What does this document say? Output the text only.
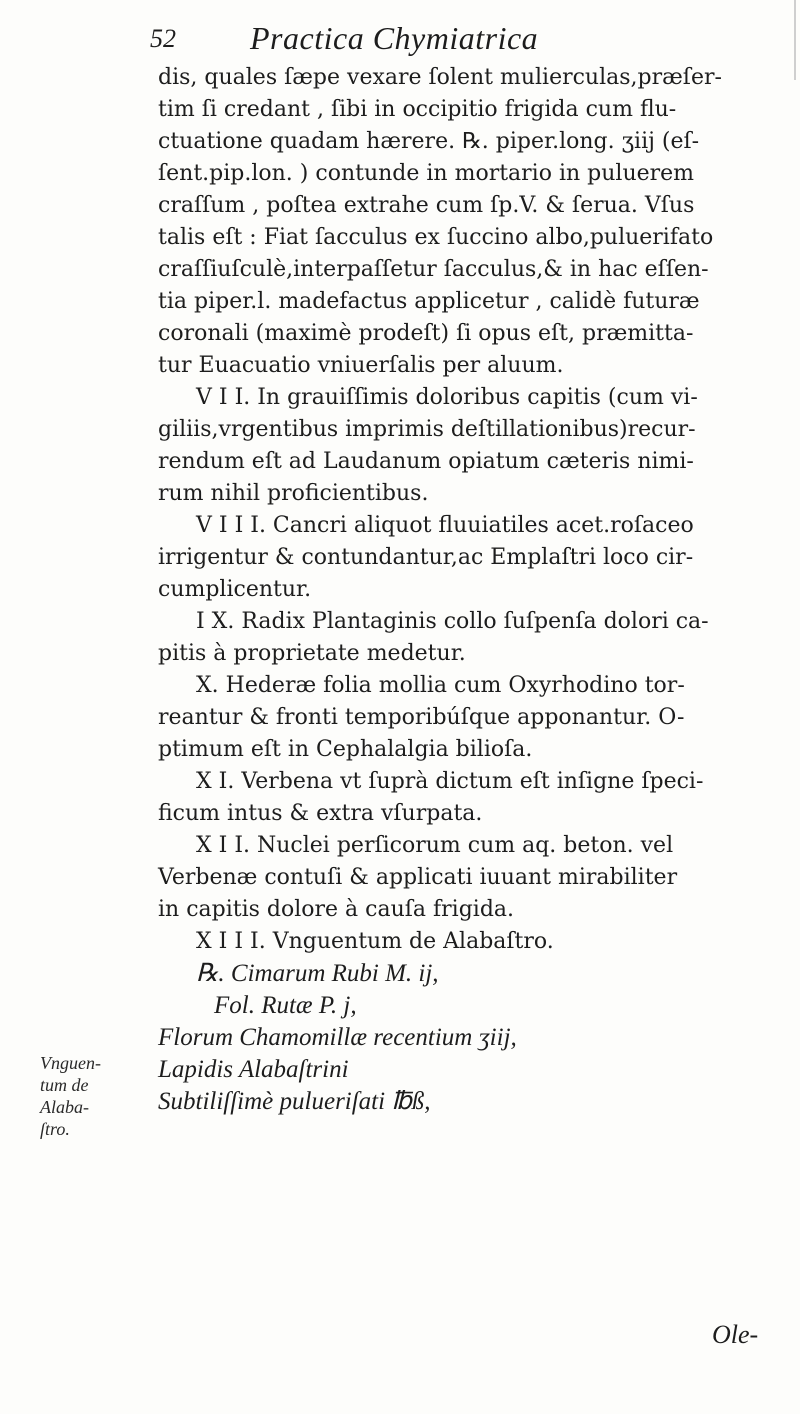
52 Practica Chymiatrica
dis, quales ſæpe vexare ſolent mulierculas,præſer-
tim ſi credant , ſibi in occipitio frigida cum flu-
ctuatione quadam hærere. ℞. piper.long. ʒiij (eſ-
ſent.pip.lon. ) contunde in mortario in puluerem
craſſum , poſtea extrahe cum ſp.V. & ſerua. Vſus
talis eſt : Fiat ſacculus ex ſuccino albo,puluerifato
craſſiuſculè,interpaſſetur ſacculus,& in hac eſſen-
tia piper.l. madefactus applicetur , calidè futuræ
coronali (maximè prodeſt) ſi opus eſt, præmitta-
tur Euacuatio vniuerſalis per aluum.
V I I. In grauiſſimis doloribus capitis (cum vi-
giliis,vrgentibus imprimis deſtillationibus)recur-
rendum eſt ad Laudanum opiatum cæteris nimi-
rum nihil proficientibus.
V I I I. Cancri aliquot fluuiatiles acet.roſaceo
irrigentur & contundantur,ac Emplaſtri loco cir-
cumplicentur.
I X. Radix Plantaginis collo ſuſpenſa dolori ca-
pitis à proprietate medetur.
X. Hederæ folia mollia cum Oxyrhodino tor-
reantur & fronti temporibúſque apponantur. O-
ptimum eſt in Cephalalgia bilioſa.
X I. Verbena vt ſuprà dictum eſt inſigne ſpeci-
ficum intus & extra vſurpata.
X I I. Nuclei perſicorum cum aq. beton. vel
Verbenæ contuſi & applicati iuuant mirabiliter
in capitis dolore à cauſa frigida.
X I I I. Vnguentum de Alabaſtro.
℞. Cimarum Rubi M. ij,
Fol. Rutæ P. j,
Florum Chamomillæ recentium ʒiij,
Lapidis Alabaſtrini
Subtiliſſimè pulueriſati ℔ß,
Vnguen-
tum de
Alaba-
ſtro.
Ole-
